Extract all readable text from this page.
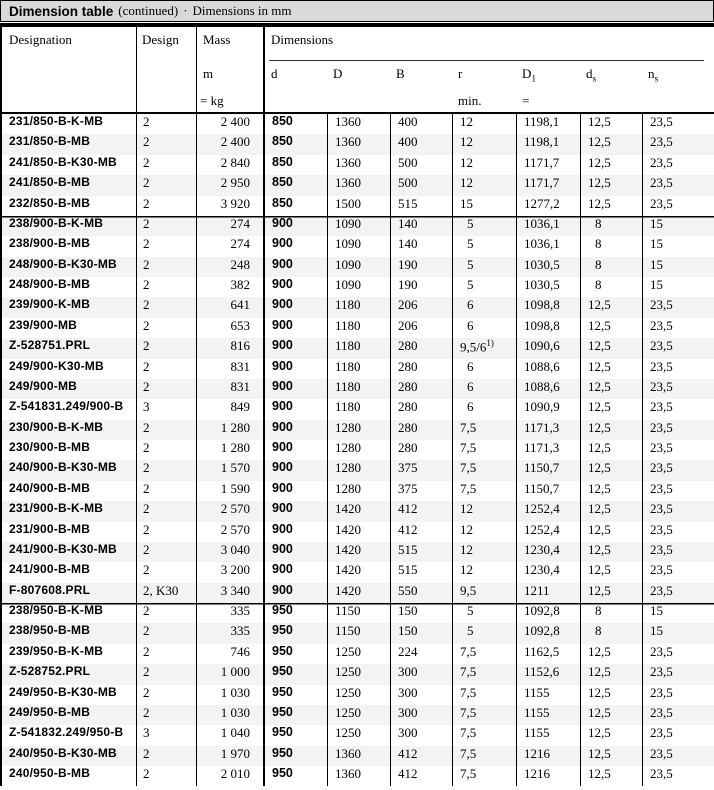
Dimension table (continued) · Dimensions in mm
Designation	Design Mass	Dimensions
m
= kg
d	D	B	r	$D_1$	$d_s$	$n_s$
min.	=
231/850-B-K-MB	2	2 400	850	1360	400	12	1198,1	12,5	23,5
231/850-B-MB	2	2 400	850	1360	400	12	1198,1	12,5	23,5
241/850-B-K30-MB	2	2 840	850	1360	500	12	1171,7	12,5	23,5
241/850-B-MB	2	2 950	850	1360	500	12	1171,7	12,5	23,5
232/850-B-MB	2	3 920	850	1500	515	15	1277,2	12,5	23,5
238/900-B-K-MB	2	274	900	1090	140	5	1036,1	8	15
238/900-B-MB	2	274	900	1090	140	5	1036,1	8	15
248/900-B-K30-MB	2	248	900	1090	190	5	1030,5	8	15
248/900-B-MB	2	382	900	1090	190	5	1030,5	8	15
239/900-K-MB	2	641	900	1180	206	6	1098,8	12,5	23,5
239/900-MB	2	653	900	1180	206	6	1098,8	12,5	23,5
Z-528751.PRL	2	816	900	1180	280	9,5/6$^{1)}$	1090,6	12,5	23,5
249/900-K30-MB	2	831	900	1180	280	6	1088,6	12,5	23,5
249/900-MB	2	831	900	1180	280	6	1088,6	12,5	23,5
Z-541831.249/900-B	3	849	900	1180	280	6	1090,9	12,5	23,5
230/900-B-K-MB	2	1 280	900	1280	280	7,5	1171,3	12,5	23,5
230/900-B-MB	2	1 280	900	1280	280	7,5	1171,3	12,5	23,5
240/900-B-K30-MB	2	1 570	900	1280	375	7,5	1150,7	12,5	23,5
240/900-B-MB	2	1 590	900	1280	375	7,5	1150,7	12,5	23,5
231/900-B-K-MB	2	2 570	900	1420	412	12	1252,4	12,5	23,5
231/900-B-MB	2	2 570	900	1420	412	12	1252,4	12,5	23,5
241/900-B-K30-MB	2	3 040	900	1420	515	12	1230,4	12,5	23,5
241/900-B-MB	2	3 200	900	1420	515	12	1230,4	12,5	23,5
F-807608.PRL	2, K30	3 340	900	1420	550	9,5	1211	12,5	23,5
238/950-B-K-MB	2	335	950	1150	150	5	1092,8	8	15
238/950-B-MB	2	335	950	1150	150	5	1092,8	8	15
239/950-B-K-MB	2	746	950	1250	224	7,5	1162,5	12,5	23,5
Z-528752.PRL	2	1 000	950	1250	300	7,5	1152,6	12,5	23,5
249/950-B-K30-MB	2	1 030	950	1250	300	7,5	1155	12,5	23,5
249/950-B-MB	2	1 030	950	1250	300	7,5	1155	12,5	23,5
Z-541832.249/950-B	3	1 040	950	1250	300	7,5	1155	12,5	23,5
240/950-B-K30-MB	2	1 970	950	1360	412	7,5	1216	12,5	23,5
240/950-B-MB	2	2 010	950	1360	412	7,5	1216	12,5	23,5
